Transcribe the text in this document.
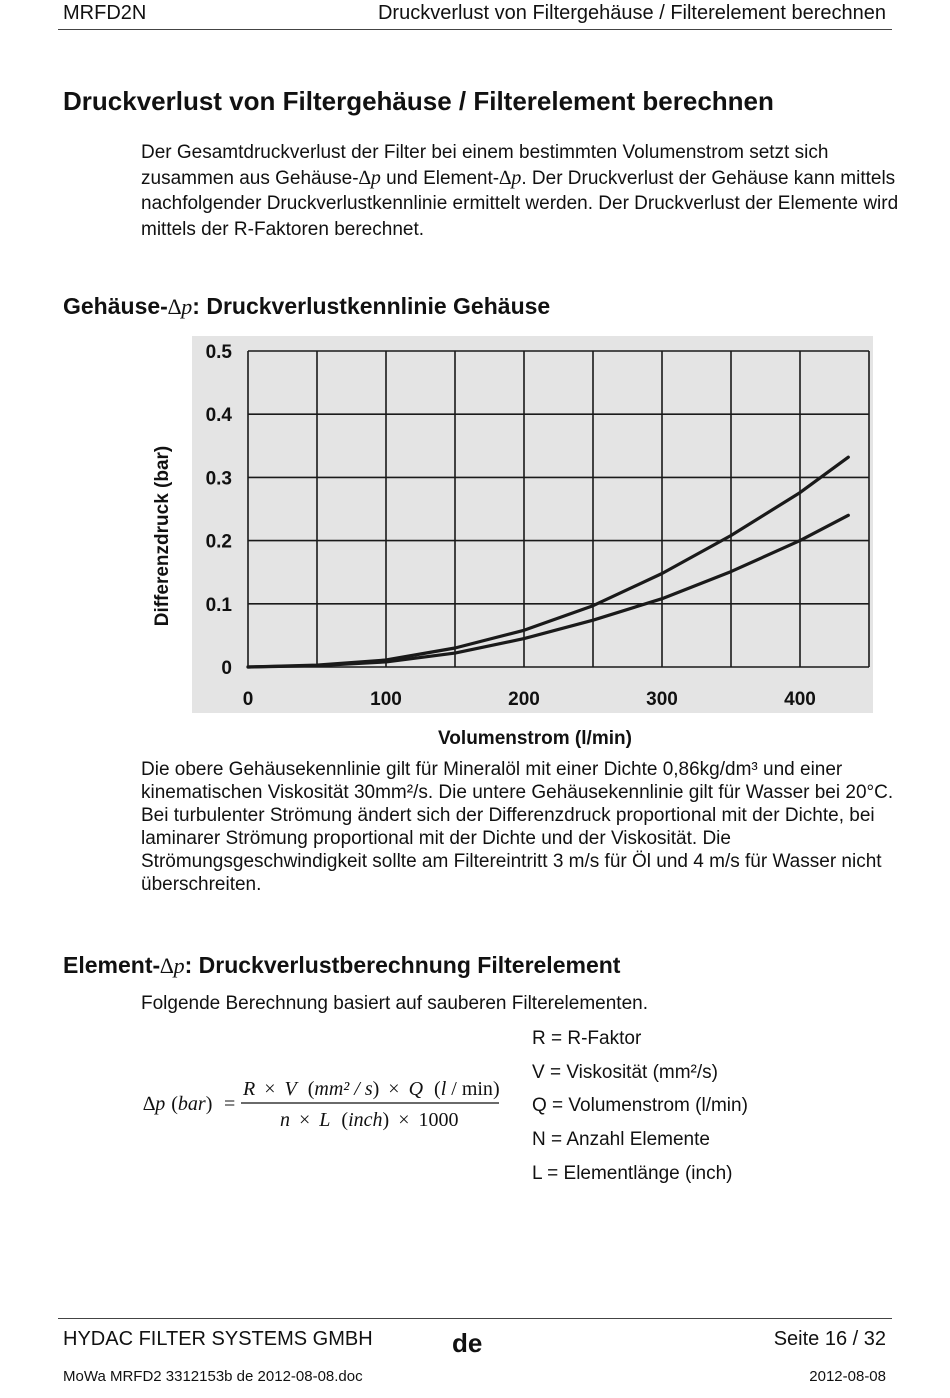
MRFD2N	Druckverlust von Filtergehäuse / Filterelement berechnen
Druckverlust von Filtergehäuse / Filterelement berechnen
Der Gesamtdruckverlust der Filter bei einem bestimmten Volumenstrom setzt sich zusammen aus Gehäuse-∆p und Element-∆p. Der Druckverlust der Gehäuse kann mittels nachfolgender Druckverlustkennlinie ermittelt werden. Der Druckverlust der Elemente wird mittels der R-Faktoren berechnet.
Gehäuse-∆p: Druckverlustkennlinie Gehäuse
0
0.1
0.2
0.3
0.4
0.5
0	100	200	300	400
Differenzdruck (bar)
Volumenstrom (l/min)
Die obere Gehäusekennlinie gilt für Mineralöl mit einer Dichte 0,86kg/dm³ und einer kinematischen Viskosität 30mm²/s. Die untere Gehäusekennlinie gilt für Wasser bei 20°C. Bei turbulenter Strömung ändert sich der Differenzdruck proportional mit der Dichte, bei laminarer Strömung proportional mit der Dichte und der Viskosität. Die Strömungsgeschwindigkeit sollte am Filtereintritt 3 m/s für Öl und 4 m/s für Wasser nicht überschreiten.
Element-∆p: Druckverlustberechnung Filterelement
Folgende Berechnung basiert auf sauberen Filterelementen.
R = R-Faktor
V = Viskosität (mm²/s)
Q = Volumenstrom (l/min)
N = Anzahl Elemente
L = Elementlänge (inch)
∆p (bar) =
R × V (mm² / s) × Q (l / min)
n × L (inch) × 1000
HYDAC FILTER SYSTEMS GMBH	de	Seite 16 / 32
MoWa MRFD2 3312153b de 2012-08-08.doc	2012-08-08
